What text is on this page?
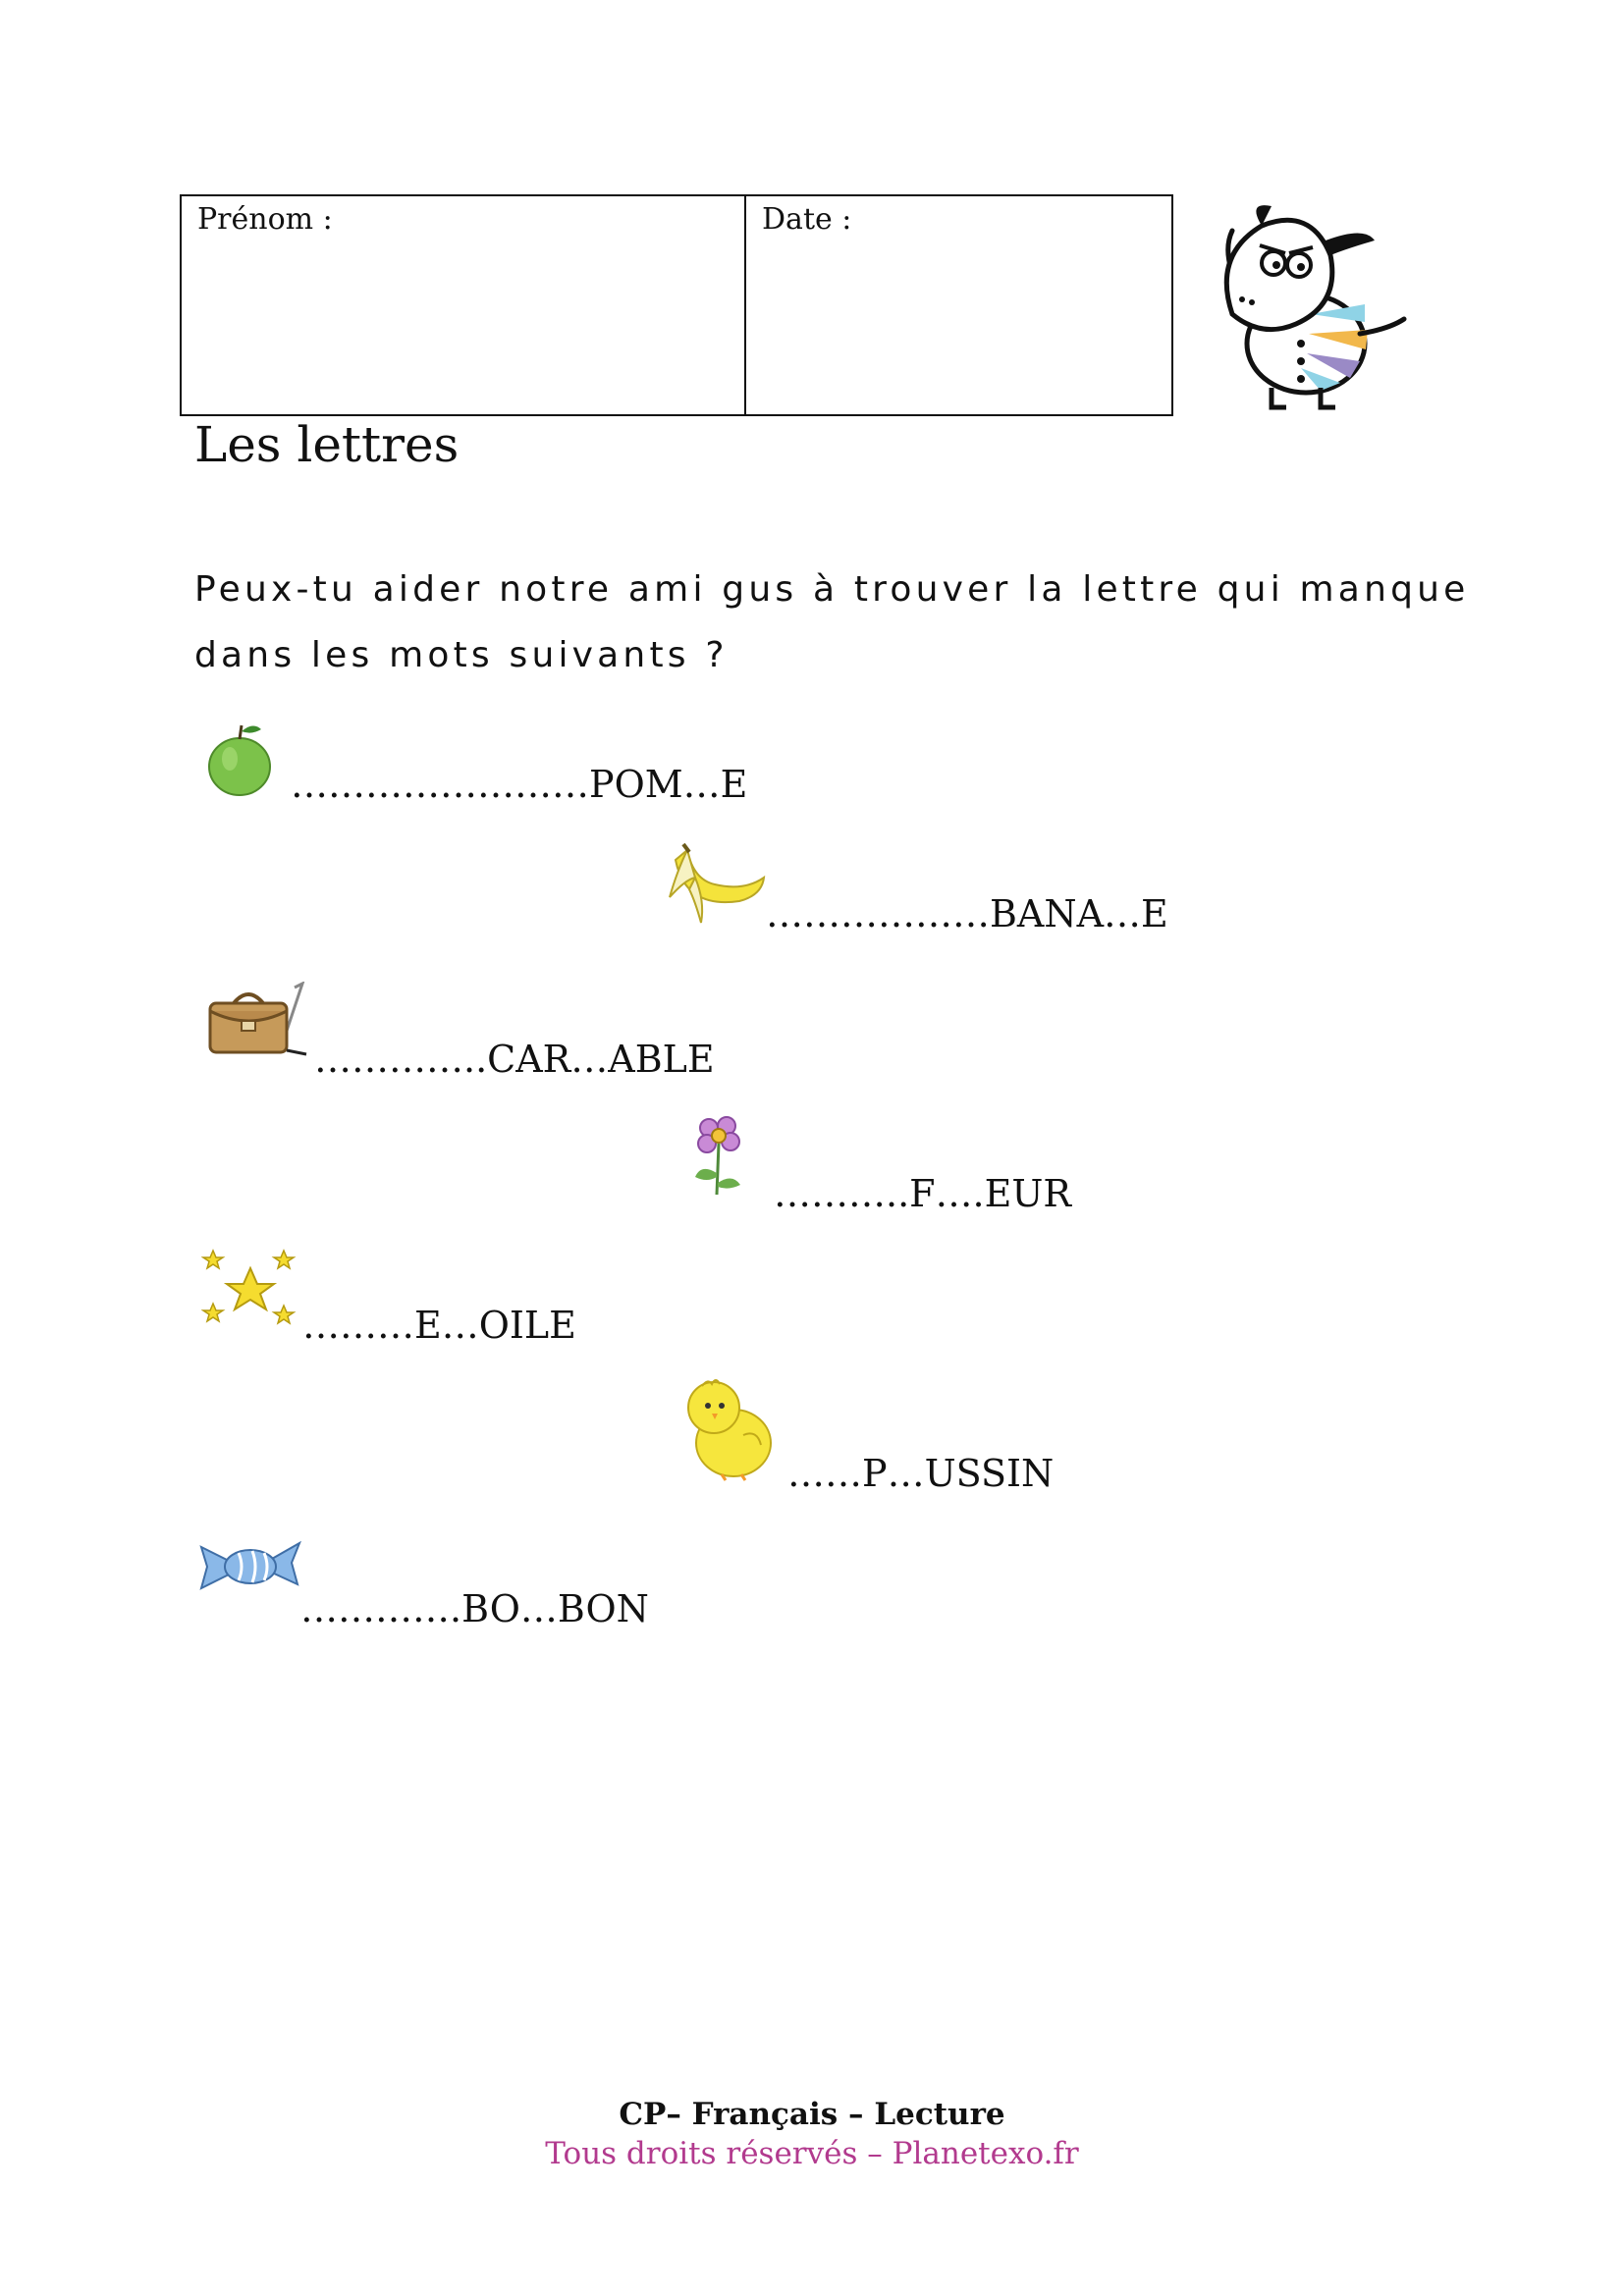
Prénom :	Date :
Les lettres
Peux-tu aider notre ami gus à trouver la lettre qui manque
dans les mots suivants ?
……………………POM…E
………………BANA…E
…………..CAR…ABLE
………..F….EUR
………E…OILE
……P…USSIN
………….BO…BON
CP– Français – Lecture
Tous droits réservés – Planetexo.fr
